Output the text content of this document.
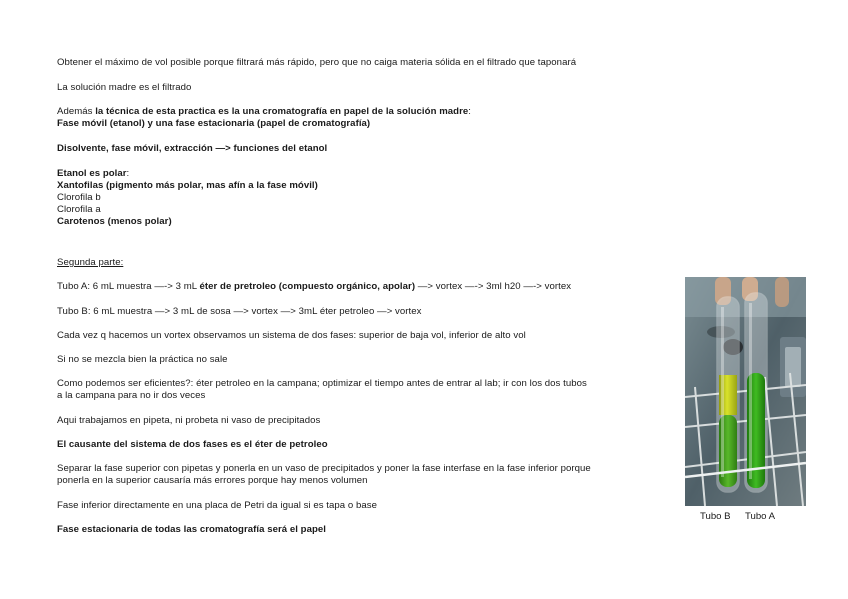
Obtener el máximo de vol posible porque filtrará más rápido, pero que no caiga materia sólida en el filtrado que taponará
La solución madre es el filtrado
Además la técnica de esta practica es la una cromatografía en papel de la solución madre:
Fase móvil (etanol) y una fase estacionaria (papel de cromatografía)
Disolvente, fase móvil, extracción —> funciones del etanol
Etanol es polar:
Xantofilas (pigmento más polar, mas afín a la fase móvil)
Clorofila b
Clorofila a
Carotenos (menos polar)
Segunda parte:
Tubo A: 6 mL muestra —-> 3 mL éter de pretroleo (compuesto orgánico, apolar) —> vortex —-> 3ml h20 —-> vortex
Tubo B: 6 mL muestra —> 3 mL de sosa —> vortex —> 3mL éter petroleo —> vortex
Cada vez q hacemos un vortex observamos un sistema de dos fases: superior de baja vol, inferior de alto vol
Si no se mezcla bien la práctica no sale
Como podemos ser eficientes?: éter petroleo en la campana; optimizar el tiempo antes de entrar al lab; ir con los dos tubos
a la campana para no ir dos veces
Aqui trabajamos en pipeta, ni probeta ni vaso de precipitados
El causante del sistema de dos fases es el éter de petroleo
Separar la fase superior con pipetas y ponerla en un vaso de precipitados y poner la fase interfase en la fase inferior porque
ponerla en la superior causaría más errores porque hay menos volumen
Fase inferior directamente en una placa de Petri da igual si es tapa o base
Fase estacionaria de todas las cromatografía será el papel
Tubo B Tubo A
